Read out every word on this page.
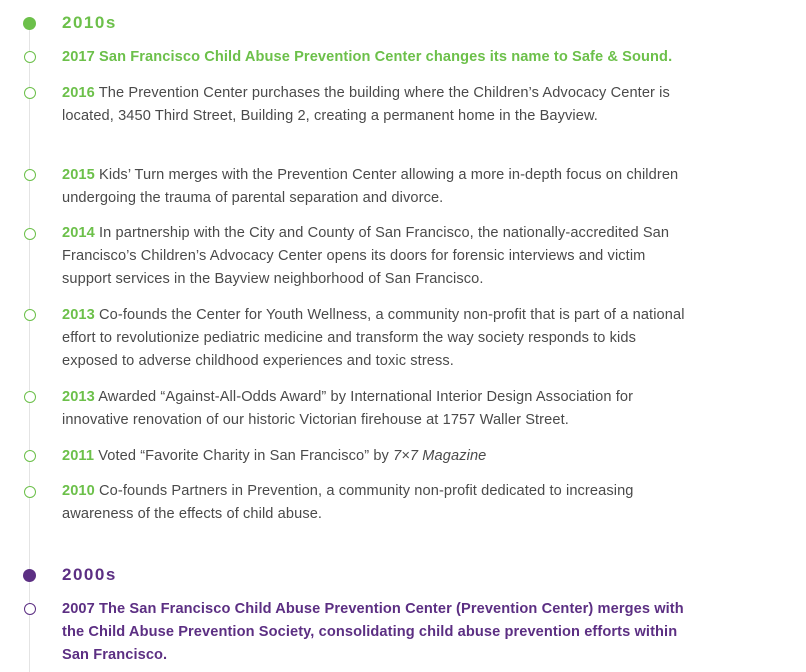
2010s
2017 San Francisco Child Abuse Prevention Center changes its name to Safe & Sound.
2016 The Prevention Center purchases the building where the Children’s Advocacy Center is located, 3450 Third Street, Building 2, creating a permanent home in the Bayview.
2015 Kids’ Turn merges with the Prevention Center allowing a more in-depth focus on children undergoing the trauma of parental separation and divorce.
2014 In partnership with the City and County of San Francisco, the nationally-accredited San Francisco’s Children’s Advocacy Center opens its doors for forensic interviews and victim support services in the Bayview neighborhood of San Francisco.
2013 Co-founds the Center for Youth Wellness, a community non-profit that is part of a national effort to revolutionize pediatric medicine and transform the way society responds to kids exposed to adverse childhood experiences and toxic stress.
2013 Awarded “Against-All-Odds Award” by International Interior Design Association for innovative renovation of our historic Victorian firehouse at 1757 Waller Street.
2011 Voted “Favorite Charity in San Francisco” by 7×7 Magazine
2010 Co-founds Partners in Prevention, a community non-profit dedicated to increasing awareness of the effects of child abuse.
2000s
2007 The San Francisco Child Abuse Prevention Center (Prevention Center) merges with the Child Abuse Prevention Society, consolidating child abuse prevention efforts within San Francisco.
